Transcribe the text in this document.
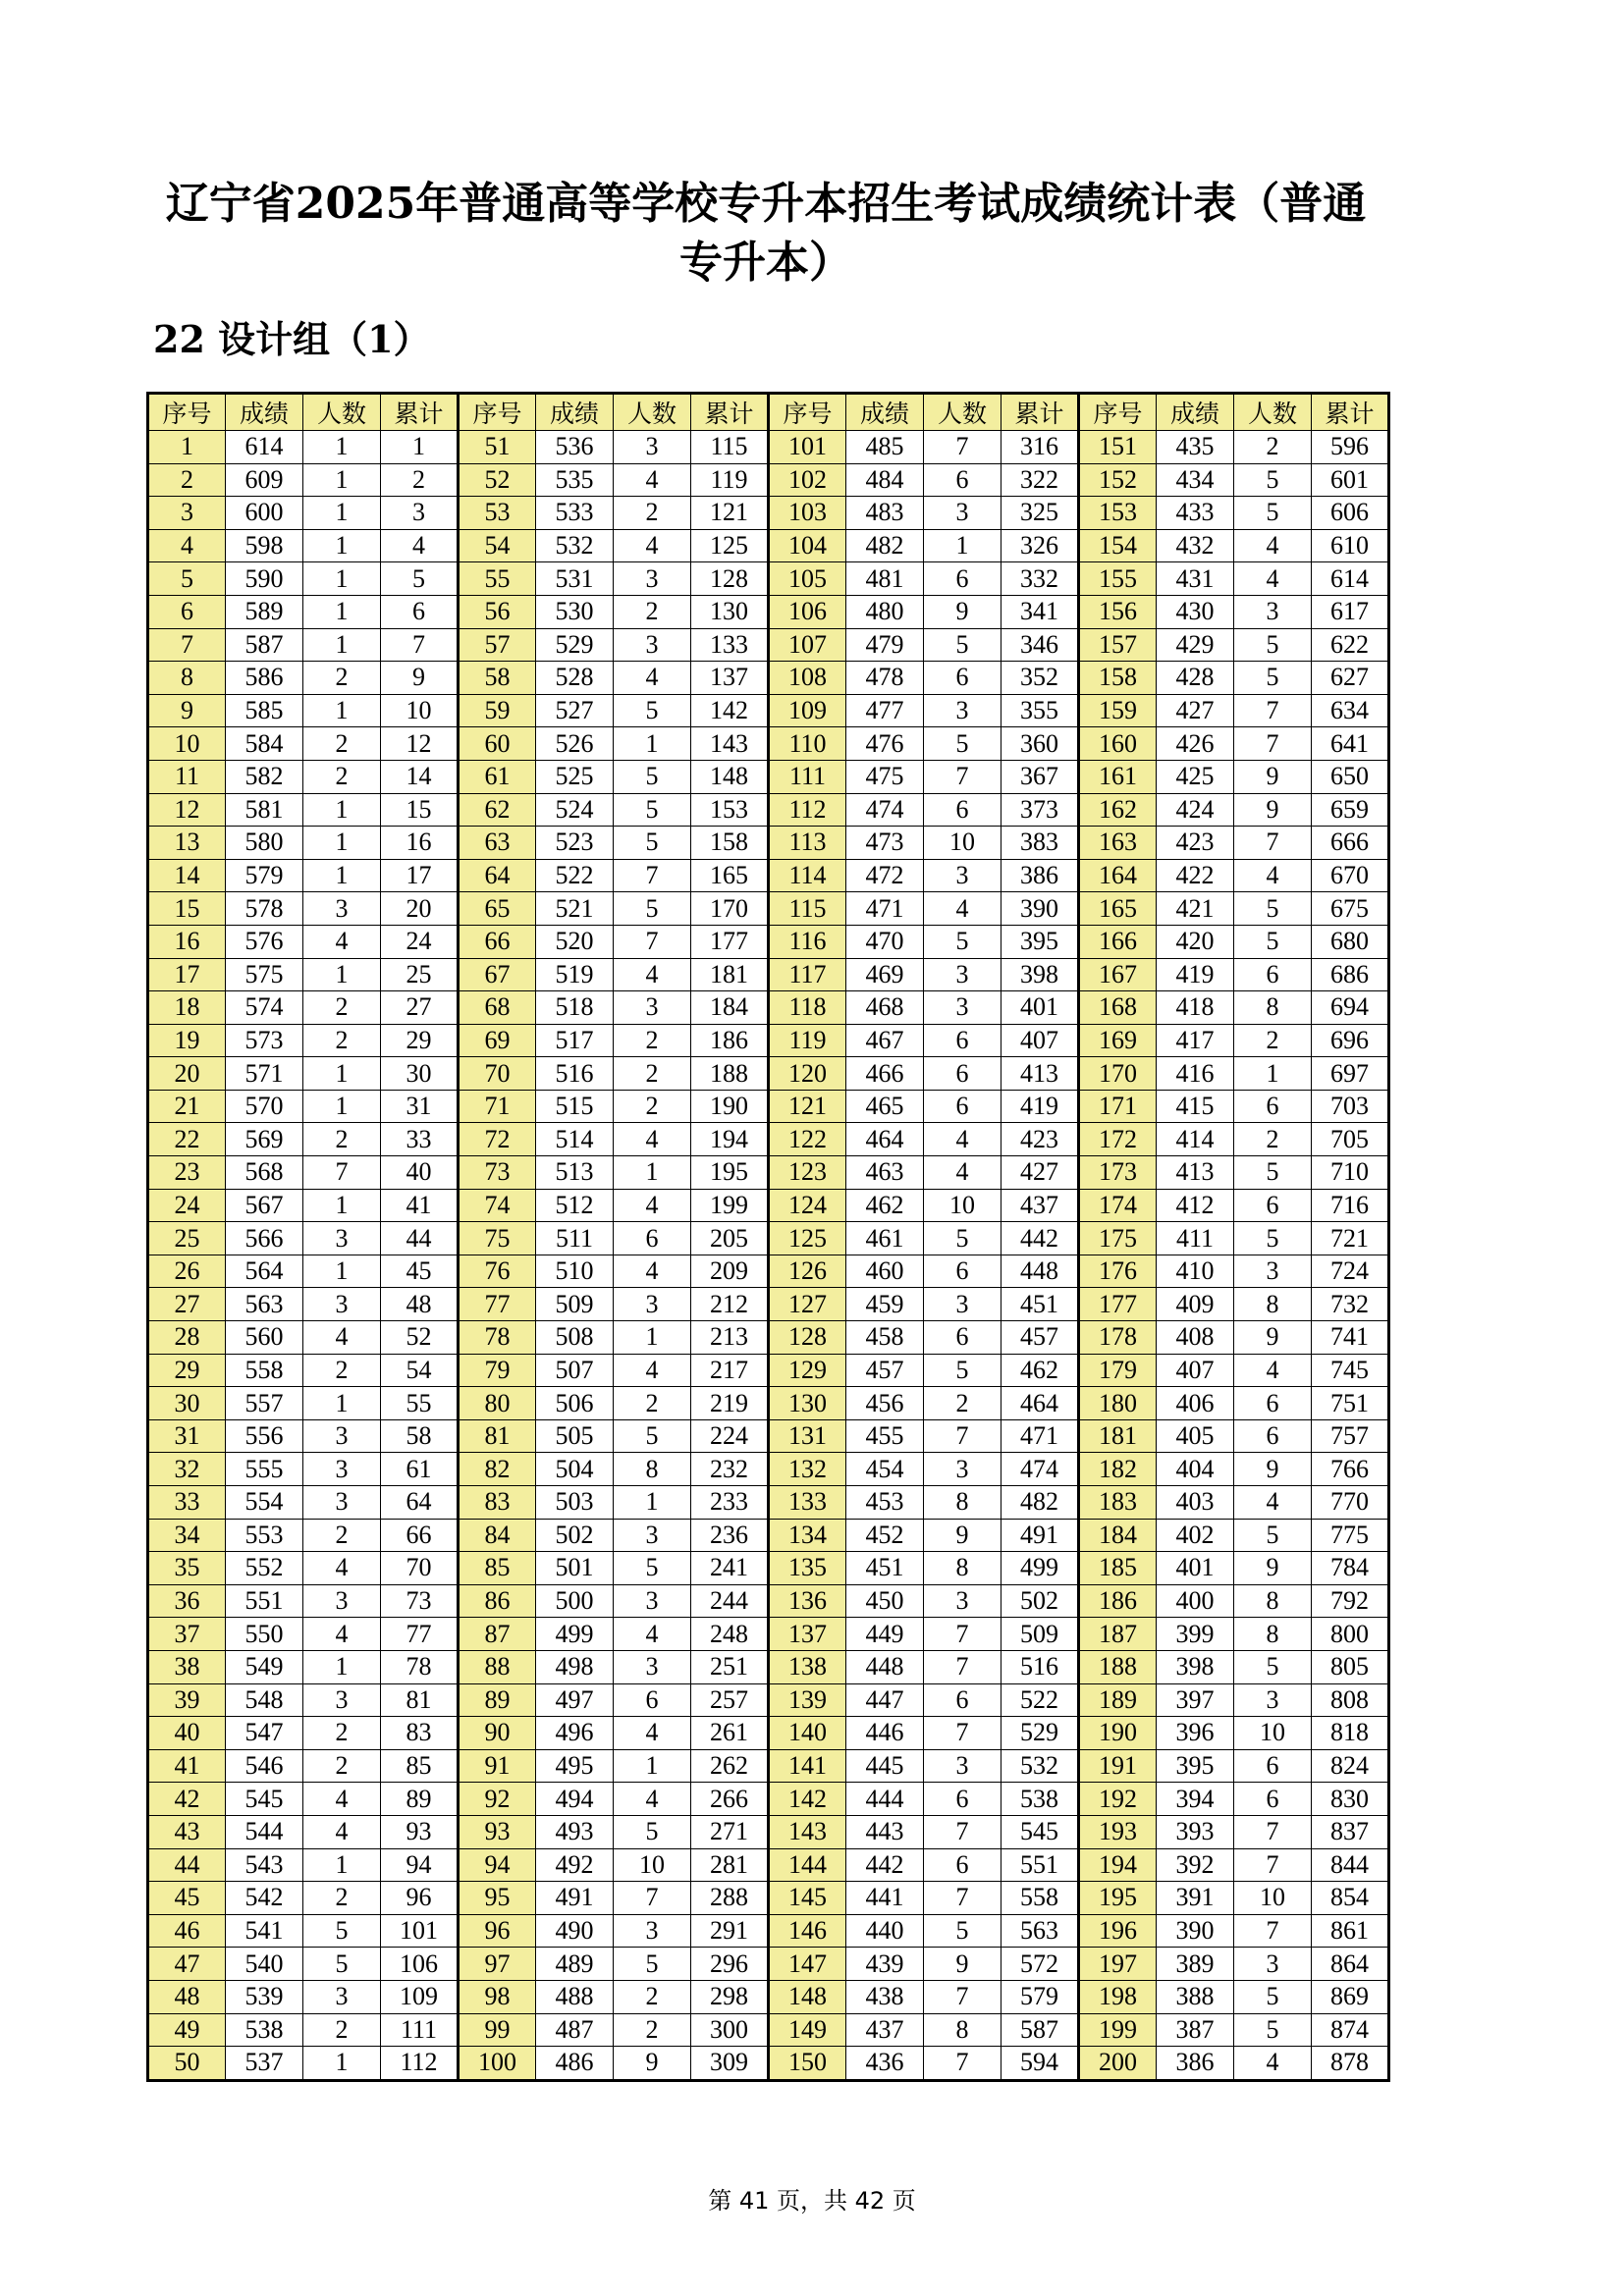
辽宁省2025年普通高等学校专升本招生考试成绩统计表（普通专升本）
22 设计组（1）
序号	成绩	人数	累计	序号	成绩	人数	累计	序号	成绩	人数	累计	序号	成绩	人数	累计
1	614	1	1	51	536	3	115	101	485	7	316	151	435	2	596
2	609	1	2	52	535	4	119	102	484	6	322	152	434	5	601
3	600	1	3	53	533	2	121	103	483	3	325	153	433	5	606
4	598	1	4	54	532	4	125	104	482	1	326	154	432	4	610
5	590	1	5	55	531	3	128	105	481	6	332	155	431	4	614
6	589	1	6	56	530	2	130	106	480	9	341	156	430	3	617
7	587	1	7	57	529	3	133	107	479	5	346	157	429	5	622
8	586	2	9	58	528	4	137	108	478	6	352	158	428	5	627
9	585	1	10	59	527	5	142	109	477	3	355	159	427	7	634
10	584	2	12	60	526	1	143	110	476	5	360	160	426	7	641
11	582	2	14	61	525	5	148	111	475	7	367	161	425	9	650
12	581	1	15	62	524	5	153	112	474	6	373	162	424	9	659
13	580	1	16	63	523	5	158	113	473	10	383	163	423	7	666
14	579	1	17	64	522	7	165	114	472	3	386	164	422	4	670
15	578	3	20	65	521	5	170	115	471	4	390	165	421	5	675
16	576	4	24	66	520	7	177	116	470	5	395	166	420	5	680
17	575	1	25	67	519	4	181	117	469	3	398	167	419	6	686
18	574	2	27	68	518	3	184	118	468	3	401	168	418	8	694
19	573	2	29	69	517	2	186	119	467	6	407	169	417	2	696
20	571	1	30	70	516	2	188	120	466	6	413	170	416	1	697
21	570	1	31	71	515	2	190	121	465	6	419	171	415	6	703
22	569	2	33	72	514	4	194	122	464	4	423	172	414	2	705
23	568	7	40	73	513	1	195	123	463	4	427	173	413	5	710
24	567	1	41	74	512	4	199	124	462	10	437	174	412	6	716
25	566	3	44	75	511	6	205	125	461	5	442	175	411	5	721
26	564	1	45	76	510	4	209	126	460	6	448	176	410	3	724
27	563	3	48	77	509	3	212	127	459	3	451	177	409	8	732
28	560	4	52	78	508	1	213	128	458	6	457	178	408	9	741
29	558	2	54	79	507	4	217	129	457	5	462	179	407	4	745
30	557	1	55	80	506	2	219	130	456	2	464	180	406	6	751
31	556	3	58	81	505	5	224	131	455	7	471	181	405	6	757
32	555	3	61	82	504	8	232	132	454	3	474	182	404	9	766
33	554	3	64	83	503	1	233	133	453	8	482	183	403	4	770
34	553	2	66	84	502	3	236	134	452	9	491	184	402	5	775
35	552	4	70	85	501	5	241	135	451	8	499	185	401	9	784
36	551	3	73	86	500	3	244	136	450	3	502	186	400	8	792
37	550	4	77	87	499	4	248	137	449	7	509	187	399	8	800
38	549	1	78	88	498	3	251	138	448	7	516	188	398	5	805
39	548	3	81	89	497	6	257	139	447	6	522	189	397	3	808
40	547	2	83	90	496	4	261	140	446	7	529	190	396	10	818
41	546	2	85	91	495	1	262	141	445	3	532	191	395	6	824
42	545	4	89	92	494	4	266	142	444	6	538	192	394	6	830
43	544	4	93	93	493	5	271	143	443	7	545	193	393	7	837
44	543	1	94	94	492	10	281	144	442	6	551	194	392	7	844
45	542	2	96	95	491	7	288	145	441	7	558	195	391	10	854
46	541	5	101	96	490	3	291	146	440	5	563	196	390	7	861
47	540	5	106	97	489	5	296	147	439	9	572	197	389	3	864
48	539	3	109	98	488	2	298	148	438	7	579	198	388	5	869
49	538	2	111	99	487	2	300	149	437	8	587	199	387	5	874
50	537	1	112	100	486	9	309	150	436	7	594	200	386	4	878
第 41 页，共 42 页
